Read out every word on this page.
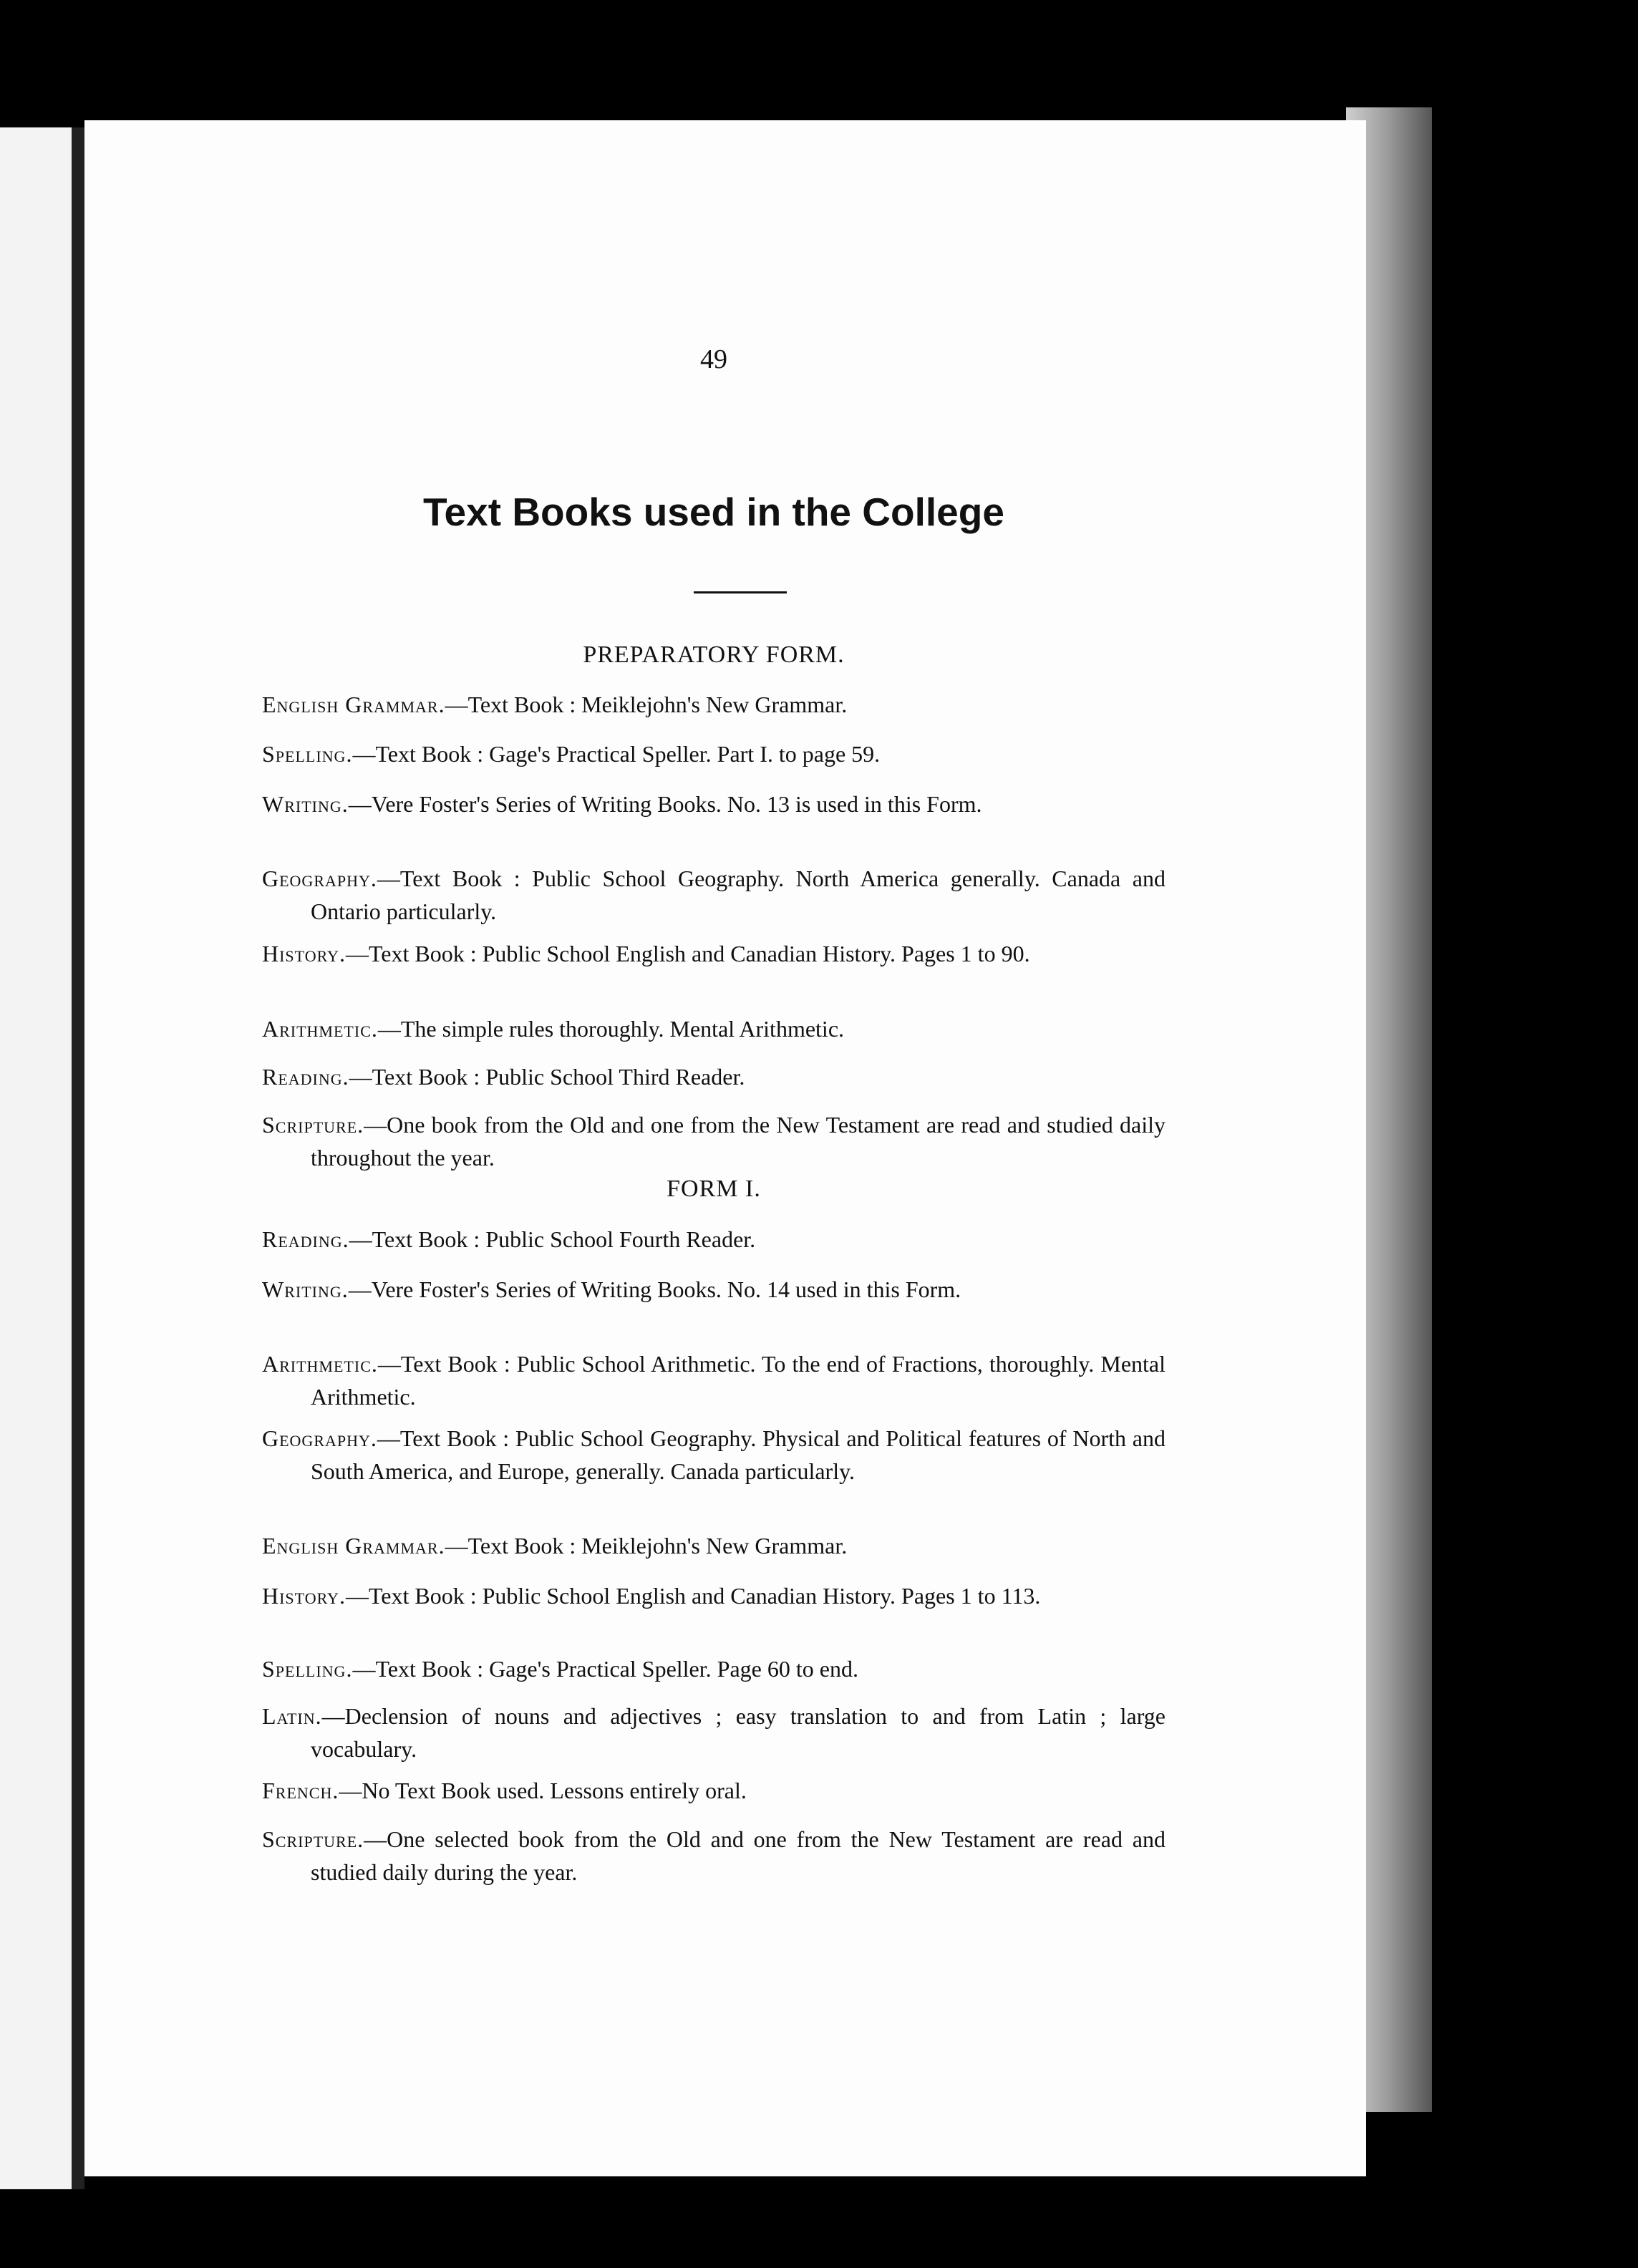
49
Text Books used in the College
PREPARATORY FORM.
English Grammar.—Text Book : Meiklejohn's New Grammar.
Spelling.—Text Book : Gage's Practical Speller. Part I. to page 59.
Writing.—Vere Foster's Series of Writing Books. No. 13 is used in this Form.
Geography.—Text Book : Public School Geography. North America generally. Canada and Ontario particularly.
History.—Text Book : Public School English and Canadian History. Pages 1 to 90.
Arithmetic.—The simple rules thoroughly. Mental Arithmetic.
Reading.—Text Book : Public School Third Reader.
Scripture.—One book from the Old and one from the New Testament are read and studied daily throughout the year.
FORM I.
Reading.—Text Book : Public School Fourth Reader.
Writing.—Vere Foster's Series of Writing Books. No. 14 used in this Form.
Arithmetic.—Text Book : Public School Arithmetic. To the end of Fractions, thoroughly. Mental Arithmetic.
Geography.—Text Book : Public School Geography. Physical and Political features of North and South America, and Europe, generally. Canada particularly.
English Grammar.—Text Book : Meiklejohn's New Grammar.
History.—Text Book : Public School English and Canadian History. Pages 1 to 113.
Spelling.—Text Book : Gage's Practical Speller. Page 60 to end.
Latin.—Declension of nouns and adjectives ; easy translation to and from Latin ; large vocabulary.
French.—No Text Book used. Lessons entirely oral.
Scripture.—One selected book from the Old and one from the New Testament are read and studied daily during the year.
